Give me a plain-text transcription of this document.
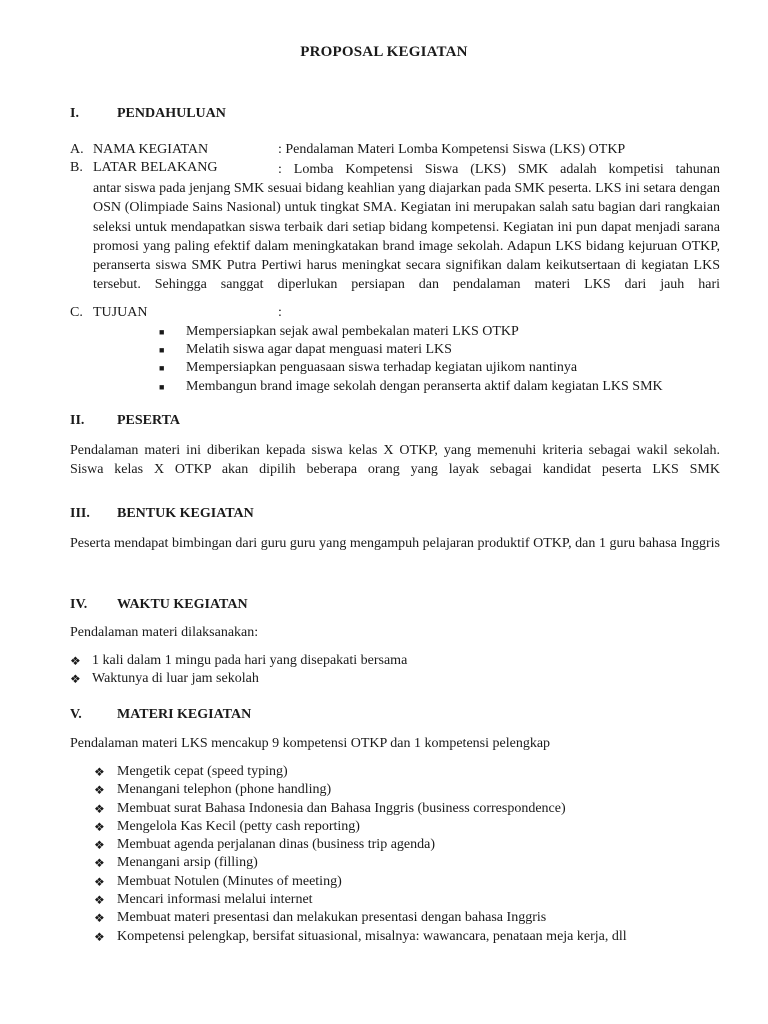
PROPOSAL KEGIATAN
I.	PENDAHULUAN
A. NAMA KEGIATAN	: Pendalaman Materi Lomba Kompetensi Siswa (LKS) OTKP
B. LATAR BELAKANG	: Lomba Kompetensi Siswa (LKS) SMK adalah kompetisi tahunan

antar siswa pada jenjang SMK sesuai bidang keahlian yang diajarkan pada SMK peserta. LKS ini setara dengan OSN (Olimpiade Sains Nasional) untuk tingkat SMA. Kegiatan ini merupakan salah satu bagian dari rangkaian seleksi untuk mendapatkan siswa terbaik dari setiap bidang kompetensi. Kegiatan ini pun dapat menjadi sarana promosi yang paling efektif dalam meningkatakan brand image sekolah. Adapun LKS bidang kejuruan OTKP, peranserta siswa SMK Putra Pertiwi harus meningkat secara signifikan dalam keikutsertaan di kegiatan LKS tersebut. Sehingga sanggat diperlukan persiapan dan pendalaman materi LKS dari jauh hari

C. TUJUAN	:
■ Mempersiapkan sejak awal pembekalan materi LKS OTKP
■ Melatih siswa agar dapat menguasi materi LKS
■ Mempersiapkan penguasaan siswa terhadap kegiatan ujikom nantinya
■ Membangun brand image sekolah dengan peranserta aktif dalam kegiatan LKS SMK
II. PESERTA

Pendalaman materi ini diberikan kepada siswa kelas X OTKP, yang memenuhi kriteria sebagai wakil sekolah. Siswa kelas X OTKP akan dipilih beberapa orang yang layak sebagai kandidat peserta LKS SMK

III. BENTUK KEGIATAN

Peserta mendapat bimbingan dari guru guru yang mengampuh pelajaran produktif OTKP, dan 1 guru bahasa Inggris

IV. WAKTU KEGIATAN
Pendalaman materi dilaksanakan:
❖ 1 kali dalam 1 mingu pada hari yang disepakati bersama
❖ Waktunya di luar jam sekolah
V.	MATERI KEGIATAN
Pendalaman materi LKS mencakup 9 kompetensi OTKP dan 1 kompetensi pelengkap
❖ Mengetik cepat (speed typing)
❖ Menangani telephon (phone handling)
❖ Membuat surat Bahasa Indonesia dan Bahasa Inggris (business correspondence)
❖ Mengelola Kas Kecil (petty cash reporting)
❖ Membuat agenda perjalanan dinas (business trip agenda)
❖ Menangani arsip (filling)
❖ Membuat Notulen (Minutes of meeting)
❖ Mencari informasi melalui internet
❖ Membuat materi presentasi dan melakukan presentasi dengan bahasa Inggris
❖ Kompetensi pelengkap, bersifat situasional, misalnya: wawancara, penataan meja kerja, dll
